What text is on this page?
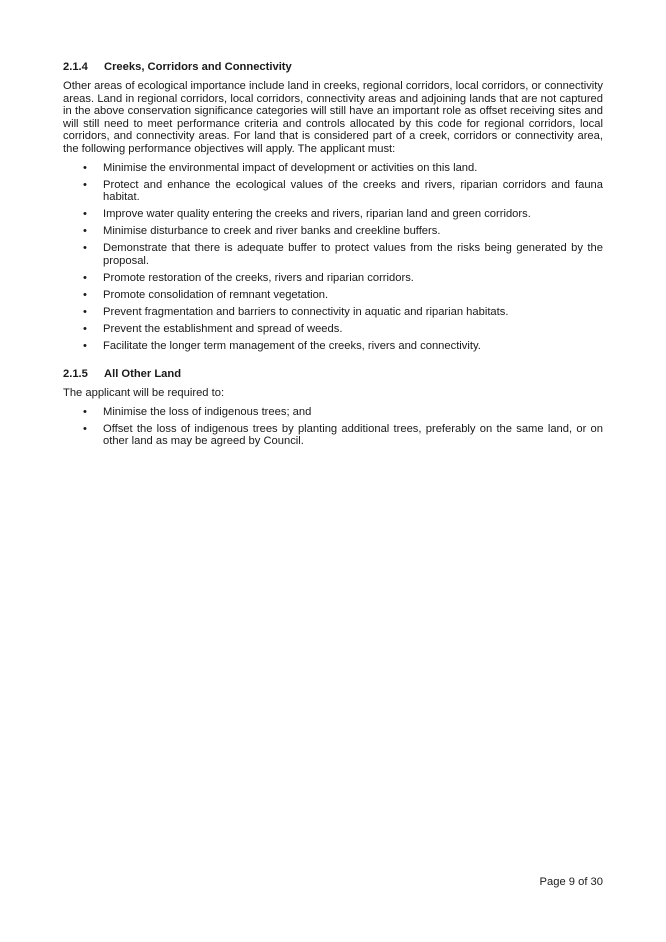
2.1.4	Creeks, Corridors and Connectivity

Other areas of ecological importance include land in creeks, regional corridors, local corridors, or connectivity areas. Land in regional corridors, local corridors, connectivity areas and adjoining lands that are not captured in the above conservation significance categories will still have an important role as offset receiving sites and will still need to meet performance criteria and controls allocated by this code for regional corridors, local corridors, and connectivity areas. For land that is considered part of a creek, corridors or connectivity area, the following performance objectives will apply. The applicant must:

•	Minimise the environmental impact of development or activities on this land.
•	Protect and enhance the ecological values of the creeks and rivers, riparian corridors and fauna habitat.
•	Improve water quality entering the creeks and rivers, riparian land and green corridors.
•	Minimise disturbance to creek and river banks and creekline buffers.
•	Demonstrate that there is adequate buffer to protect values from the risks being generated by the proposal.
•	Promote restoration of the creeks, rivers and riparian corridors.
•	Promote consolidation of remnant vegetation.
•	Prevent fragmentation and barriers to connectivity in aquatic and riparian habitats.
•	Prevent the establishment and spread of weeds.
•	Facilitate the longer term management of the creeks, rivers and connectivity.
2.1.5	All Other Land

The applicant will be required to:

•	Minimise the loss of indigenous trees; and
•	Offset the loss of indigenous trees by planting additional trees, preferably on the same land, or on other land as may be agreed by Council.
Page 9 of 30
